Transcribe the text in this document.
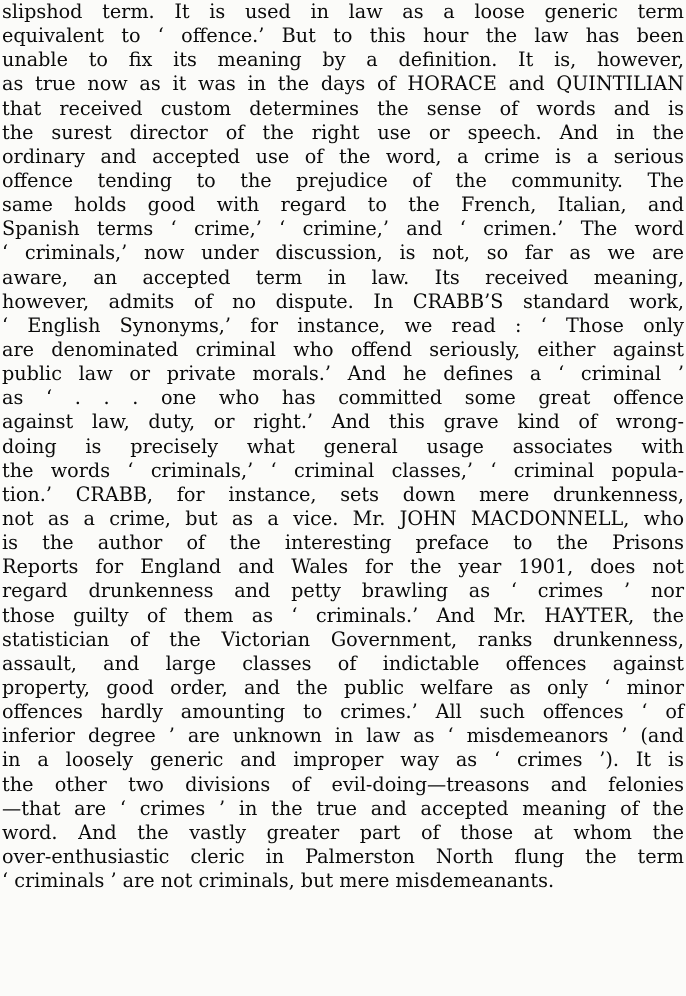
slipshod term. It is used in law as a loose generic term
equivalent to ‘ offence.’ But to this hour the law has been
unable to fix its meaning by a definition. It is, however,
as true now as it was in the days of HORACE and QUINTILIAN
that received custom determines the sense of words and is
the surest director of the right use or speech. And in the
ordinary and accepted use of the word, a crime is a serious
offence tending to the prejudice of the community. The
same holds good with regard to the French, Italian, and
Spanish terms ‘ crime,’ ‘ crimine,’ and ‘ crimen.’ The word
‘ criminals,’ now under discussion, is not, so far as we are
aware, an accepted term in law. Its received meaning,
however, admits of no dispute. In CRABB’S standard work,
‘ English Synonyms,’ for instance, we read : ‘ Those only
are denominated criminal who offend seriously, either against
public law or private morals.’ And he defines a ‘ criminal ’
as ‘ . . . one who has committed some great offence
against law, duty, or right.’ And this grave kind of wrong-
doing is precisely what general usage associates with
the words ‘ criminals,’ ‘ criminal classes,’ ‘ criminal popula-
tion.’ CRABB, for instance, sets down mere drunkenness,
not as a crime, but as a vice. Mr. JOHN MACDONNELL, who
is the author of the interesting preface to the Prisons
Reports for England and Wales for the year 1901, does not
regard drunkenness and petty brawling as ‘ crimes ’ nor
those guilty of them as ‘ criminals.’ And Mr. HAYTER, the
statistician of the Victorian Government, ranks drunkenness,
assault, and large classes of indictable offences against
property, good order, and the public welfare as only ‘ minor
offences hardly amounting to crimes.’ All such offences ‘ of
inferior degree ’ are unknown in law as ‘ misdemeanors ’ (and
in a loosely generic and improper way as ‘ crimes ’). It is
the other two divisions of evil-doing—treasons and felonies
—that are ‘ crimes ’ in the true and accepted meaning of the
word. And the vastly greater part of those at whom the
over-enthusiastic cleric in Palmerston North flung the term
‘ criminals ’ are not criminals, but mere misdemeanants.
